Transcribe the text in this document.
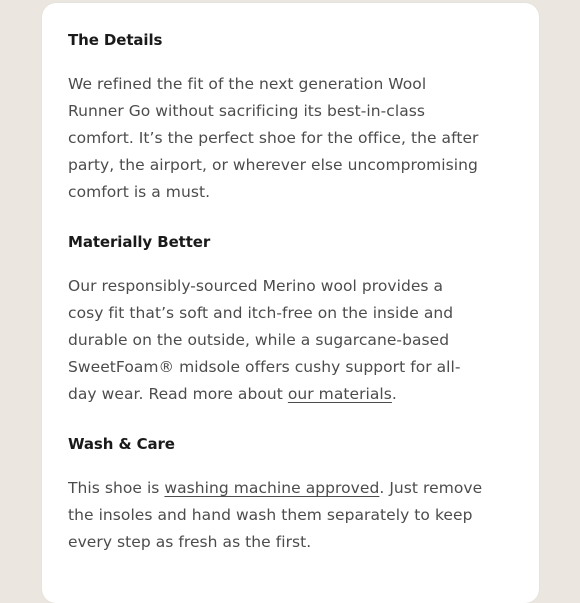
The Details

We refined the fit of the next generation Wool
Runner Go without sacrificing its best-in-class
comfort. It’s the perfect shoe for the office, the after
party, the airport, or wherever else uncompromising
comfort is a must.

Materially Better

Our responsibly-sourced Merino wool provides a
cosy fit that’s soft and itch-free on the inside and
durable on the outside, while a sugarcane-based
SweetFoam® midsole offers cushy support for all-
day wear. Read more about our materials.

Wash & Care

This shoe is washing machine approved. Just remove
the insoles and hand wash them separately to keep
every step as fresh as the first.
